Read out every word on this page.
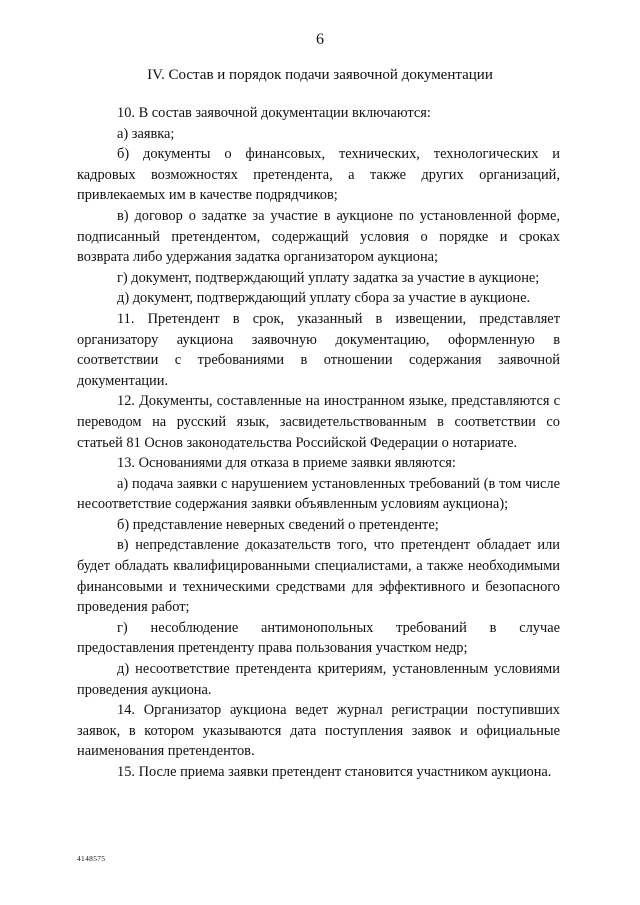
6
IV. Состав и порядок подачи заявочной документации

10. В состав заявочной документации включаются:

а) заявка;

б) документы о финансовых, технических, технологических и кадровых возможностях претендента, а также других организаций, привлекаемых им в качестве подрядчиков;

в) договор о задатке за участие в аукционе по установленной форме, подписанный претендентом, содержащий условия о порядке и сроках возврата либо удержания задатка организатором аукциона;

г) документ, подтверждающий уплату задатка за участие в аукционе;

д) документ, подтверждающий уплату сбора за участие в аукционе.

11. Претендент в срок, указанный в извещении, представляет организатору аукциона заявочную документацию, оформленную в соответствии с требованиями в отношении содержания заявочной документации.

12. Документы, составленные на иностранном языке, представляются с переводом на русский язык, засвидетельствованным в соответствии со статьей 81 Основ законодательства Российской Федерации о нотариате.

13. Основаниями для отказа в приеме заявки являются:

а) подача заявки с нарушением установленных требований (в том числе несоответствие содержания заявки объявленным условиям аукциона);

б) представление неверных сведений о претенденте;

в) непредставление доказательств того, что претендент обладает или будет обладать квалифицированными специалистами, а также необходимыми финансовыми и техническими средствами для эффективного и безопасного проведения работ;

г) несоблюдение антимонопольных требований в случае предоставления претенденту права пользования участком недр;

д) несоответствие претендента критериям, установленным условиями проведения аукциона.

14. Организатор аукциона ведет журнал регистрации поступивших заявок, в котором указываются дата поступления заявок и официальные наименования претендентов.

15. После приема заявки претендент становится участником аукциона.

4148575
